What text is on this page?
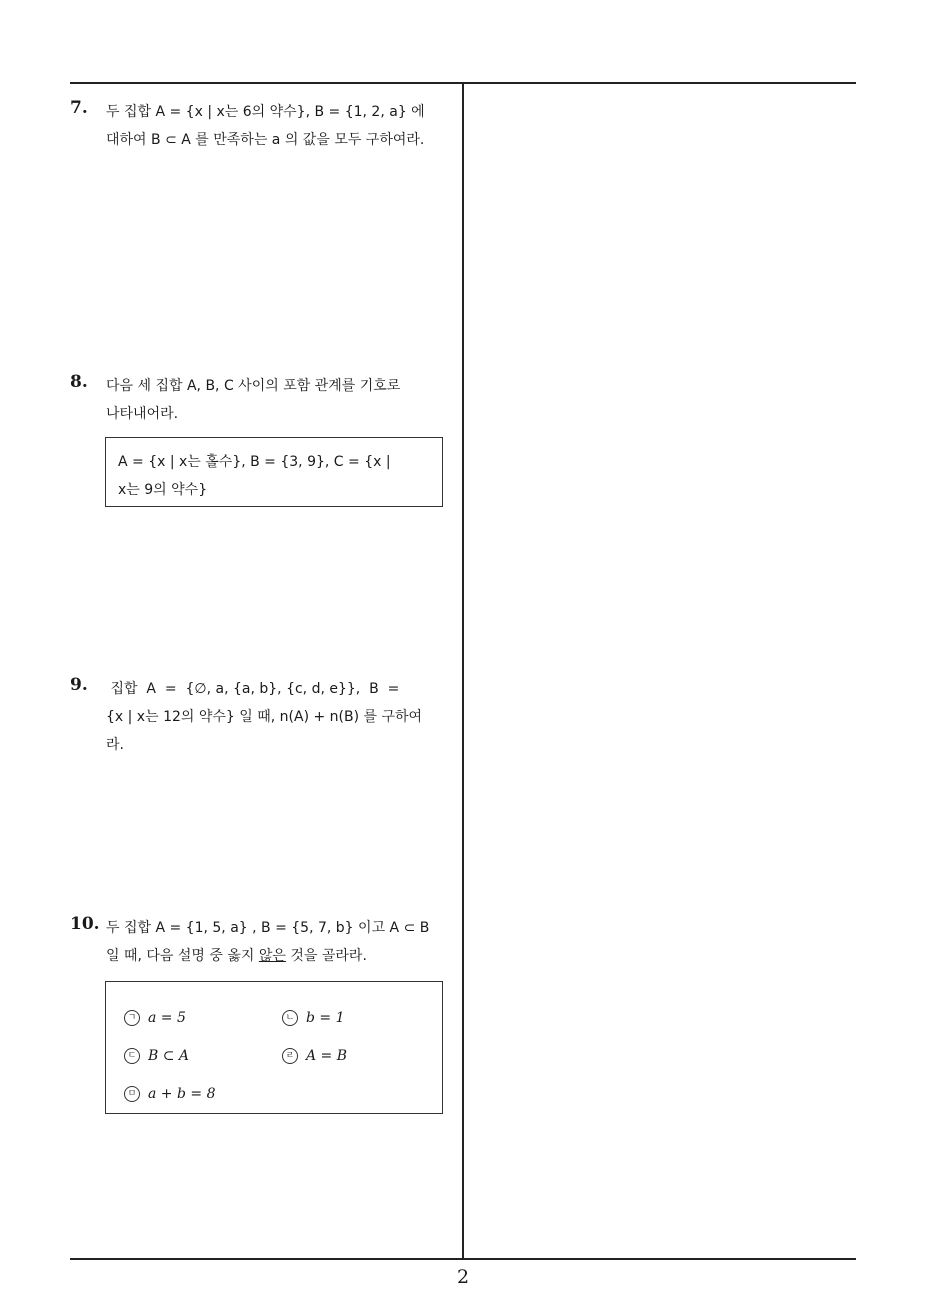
7. 두 집합 A = {x | x는 6의 약수}, B = {1, 2, a} 에
대하여 B ⊂ A 를 만족하는 a 의 값을 모두 구하여라.
8. 다음 세 집합 A, B, C 사이의 포함 관계를 기호로
나타내어라.
A = {x | x는 홀수}, B = {3, 9}, C = {x |
x는 9의 약수}
9. 집합  A  =  {∅, a, {a, b}, {c, d, e}},  B  =
{x | x는 12의 약수} 일 때, n(A) + n(B) 를 구하여
라.
10. 두 집합 A = {1, 5, a} , B = {5, 7, b} 이고 A ⊂ B
일 때, 다음 설명 중 옳지 않은 것을 골라라.
ㄱ a = 5	ㄴ b = 1
ㄷ B ⊂ A	ㄹ A = B
ㅁ a + b = 8
2
